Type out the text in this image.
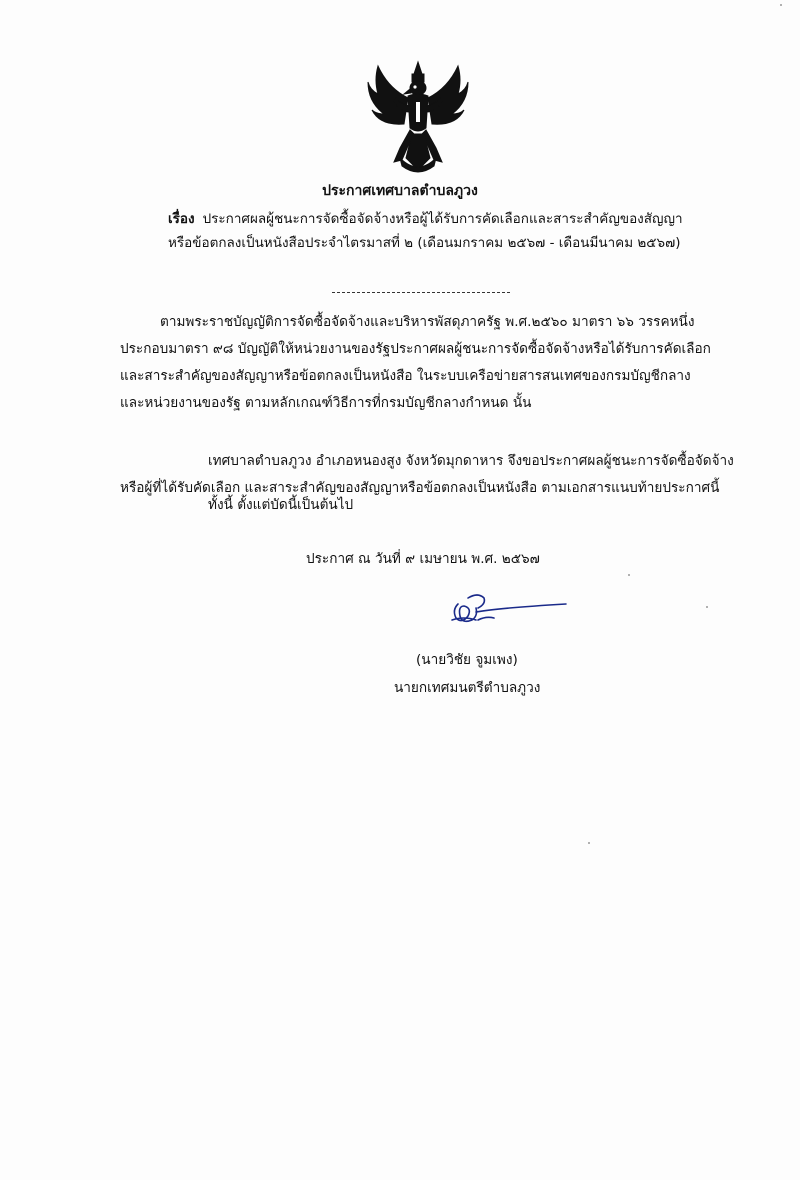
ประกาศเทศบาลตำบลภูวง
เรื่อง ประกาศผลผู้ชนะการจัดซื้อจัดจ้างหรือผู้ได้รับการคัดเลือกและสาระสำคัญของสัญญา
หรือข้อตกลงเป็นหนังสือประจำไตรมาสที่ ๒ (เดือนมกราคม ๒๕๖๗ - เดือนมีนาคม ๒๕๖๗)
ตามพระราชบัญญัติการจัดซื้อจัดจ้างและบริหารพัสดุภาครัฐ พ.ศ.๒๕๖๐ มาตรา ๖๖ วรรคหนึ่ง
ประกอบมาตรา ๙๘ บัญญัติให้หน่วยงานของรัฐประกาศผลผู้ชนะการจัดซื้อจัดจ้างหรือได้รับการคัดเลือก
และสาระสำคัญของสัญญาหรือข้อตกลงเป็นหนังสือ ในระบบเครือข่ายสารสนเทศของกรมบัญชีกลาง
และหน่วยงานของรัฐ ตามหลักเกณฑ์วิธีการที่กรมบัญชีกลางกำหนด นั้น
เทศบาลตำบลภูวง อำเภอหนองสูง จังหวัดมุกดาหาร จึงขอประกาศผลผู้ชนะการจัดซื้อจัดจ้าง
หรือผู้ที่ได้รับคัดเลือก และสาระสำคัญของสัญญาหรือข้อตกลงเป็นหนังสือ ตามเอกสารแนบท้ายประกาศนี้
ทั้งนี้ ตั้งแต่บัดนี้เป็นต้นไป
ประกาศ ณ วันที่ ๙ เมษายน พ.ศ. ๒๕๖๗
(นายวิชัย จูมเพง)
นายกเทศมนตรีตำบลภูวง
